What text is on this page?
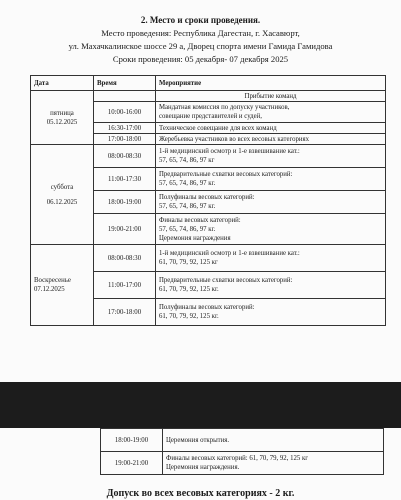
2. Место и сроки проведения.
Место проведения: Республика Дагестан, г. Хасавюрт,
ул. Махачкалинское шоссе 29 а, Дворец спорта имени Гамида Гамидова
Сроки проведения: 05 декабря- 07 декабря 2025
Дата	Время	Мероприятие

пятница
05.12.2025		Прибытие команд
	10:00-16:00	Мандатная комиссия по допуску участников,
совещание представителей и судей,

	16:30-17:00	Техническое совещание для всех команд
	17:00-18:00	Жеребьевка участников во всех весовых категориях

суббота
06.12.2025	08:00-08:30	1-й медицинский осмотр и 1-е взвешивание кат.:
57, 65, 74, 86, 97 кг

	11:00-17:30	Предварительные схватки весовых категорий:
57, 65, 74, 86, 97 кг.

	18:00-19:00	Полуфиналы весовых категорий:
57, 65, 74, 86, 97 кг.

	19:00-21:00	Финалы весовых категорий:
57, 65, 74, 86, 97 кг.
Церемония награждения

Воскресенье
07.12.2025	08:00-08:30	1-й медицинский осмотр и 1-е взвешивание кат.:
61, 70, 79, 92, 125 кг

	11:00-17:00	Предварительные схватки весовых категорий:
61, 70, 79, 92, 125 кг.

	17:00-18:00	Полуфиналы весовых категорий:
61, 70, 79, 92, 125 кг.
18:00-19:00	Церемония открытия.
19:00-21:00	Финалы весовых категорий: 61, 70, 79, 92, 125 кг
Церемония награждения.
Допуск во всех весовых категориях - 2 кг.
